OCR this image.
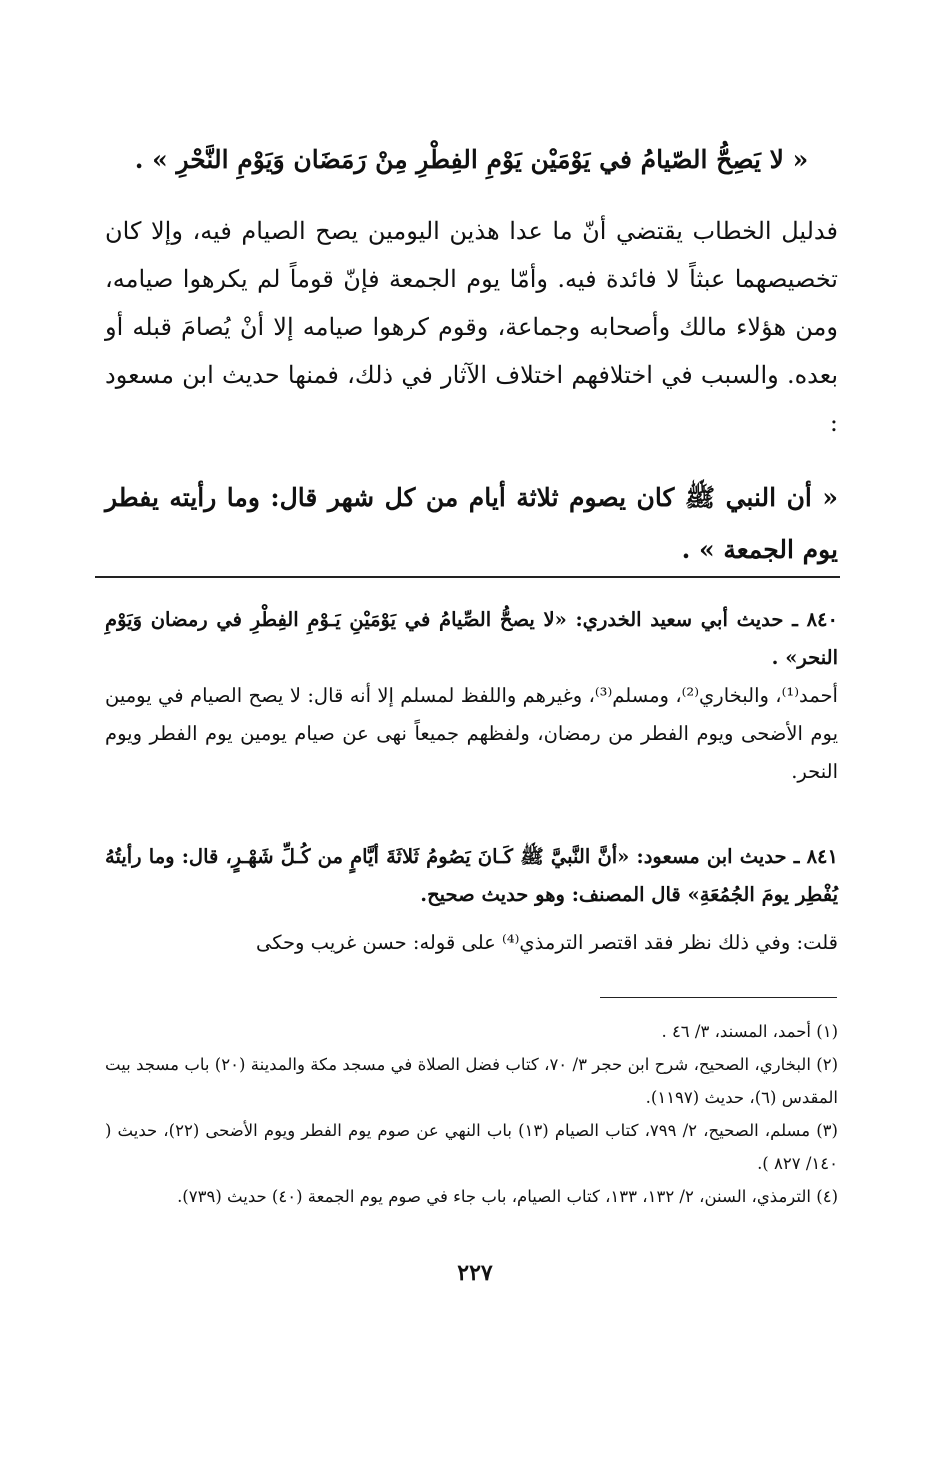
« لا يَصِحُّ الصّيامُ في يَوْمَيْن يَوْمِ الفِطْرِ مِنْ رَمَضَان وَيَوْمِ النَّحْرِ » .

فدليل الخطاب يقتضي أنّ ما عدا هذين اليومين يصح الصيام فيه، وإلا كان تخصيصهما عبثاً لا فائدة فيه. وأمّا يوم الجمعة فإنّ قوماً لم يكرهوا صيامه، ومن هؤلاء مالك وأصحابه وجماعة، وقوم كرهوا صيامه إلا أنْ يُصامَ قبله أو بعده. والسبب في اختلافهم اختلاف الآثار في ذلك، فمنها حديث ابن مسعود :

« أن النبي ﷺ كان يصوم ثلاثة أيام من كل شهر قال: وما رأيته يفطر يوم الجمعة » .

٨٤٠ ـ حديث أبي سعيد الخدري: «لا يصحُّ الصِّيامُ في يَوْمَيْنِ يَـوْمِ الفِطْرِ في رمضان وَيَوْمِ النحر» .
أحمد⁽¹⁾، والبخاري⁽²⁾، ومسلم⁽³⁾، وغيرهم واللفظ لمسلم إلا أنه قال: لا يصح الصيام في يومين يوم الأضحى ويوم الفطر من رمضان، ولفظهم جميعاً نهى عن صيام يومين يوم الفطر ويوم النحر.
٨٤١ ـ حديث ابن مسعود: «أنَّ النَّبيَّ ﷺ كَـانَ يَصُومُ ثَلاثَةَ أيَّامٍ من كُـلِّ شَهْـرٍ، قال: وما رأيتُهُ يُفْطِر يومَ الجُمُعَةِ» قال المصنف: وهو حديث صحيح.
قلت: وفي ذلك نظر فقد اقتصر الترمذي⁽⁴⁾ على قوله: حسن غريب وحكى
(١) أحمد، المسند، ٣/ ٤٦ .
(٢) البخاري، الصحيح، شرح ابن حجر ٣/ ٧٠، كتاب فضل الصلاة في مسجد مكة والمدينة (٢٠) باب مسجد بيت المقدس (٦)، حديث (١١٩٧).
(٣) مسلم، الصحيح، ٢/ ٧٩٩، كتاب الصيام (١٣) باب النهي عن صوم يوم الفطر ويوم الأضحى (٢٢)، حديث ( ١٤٠/ ٨٢٧ ).
(٤) الترمذي، السنن، ٢/ ١٣٢، ١٣٣، كتاب الصيام، باب جاء في صوم يوم الجمعة (٤٠) حديث (٧٣٩).
٢٢٧
